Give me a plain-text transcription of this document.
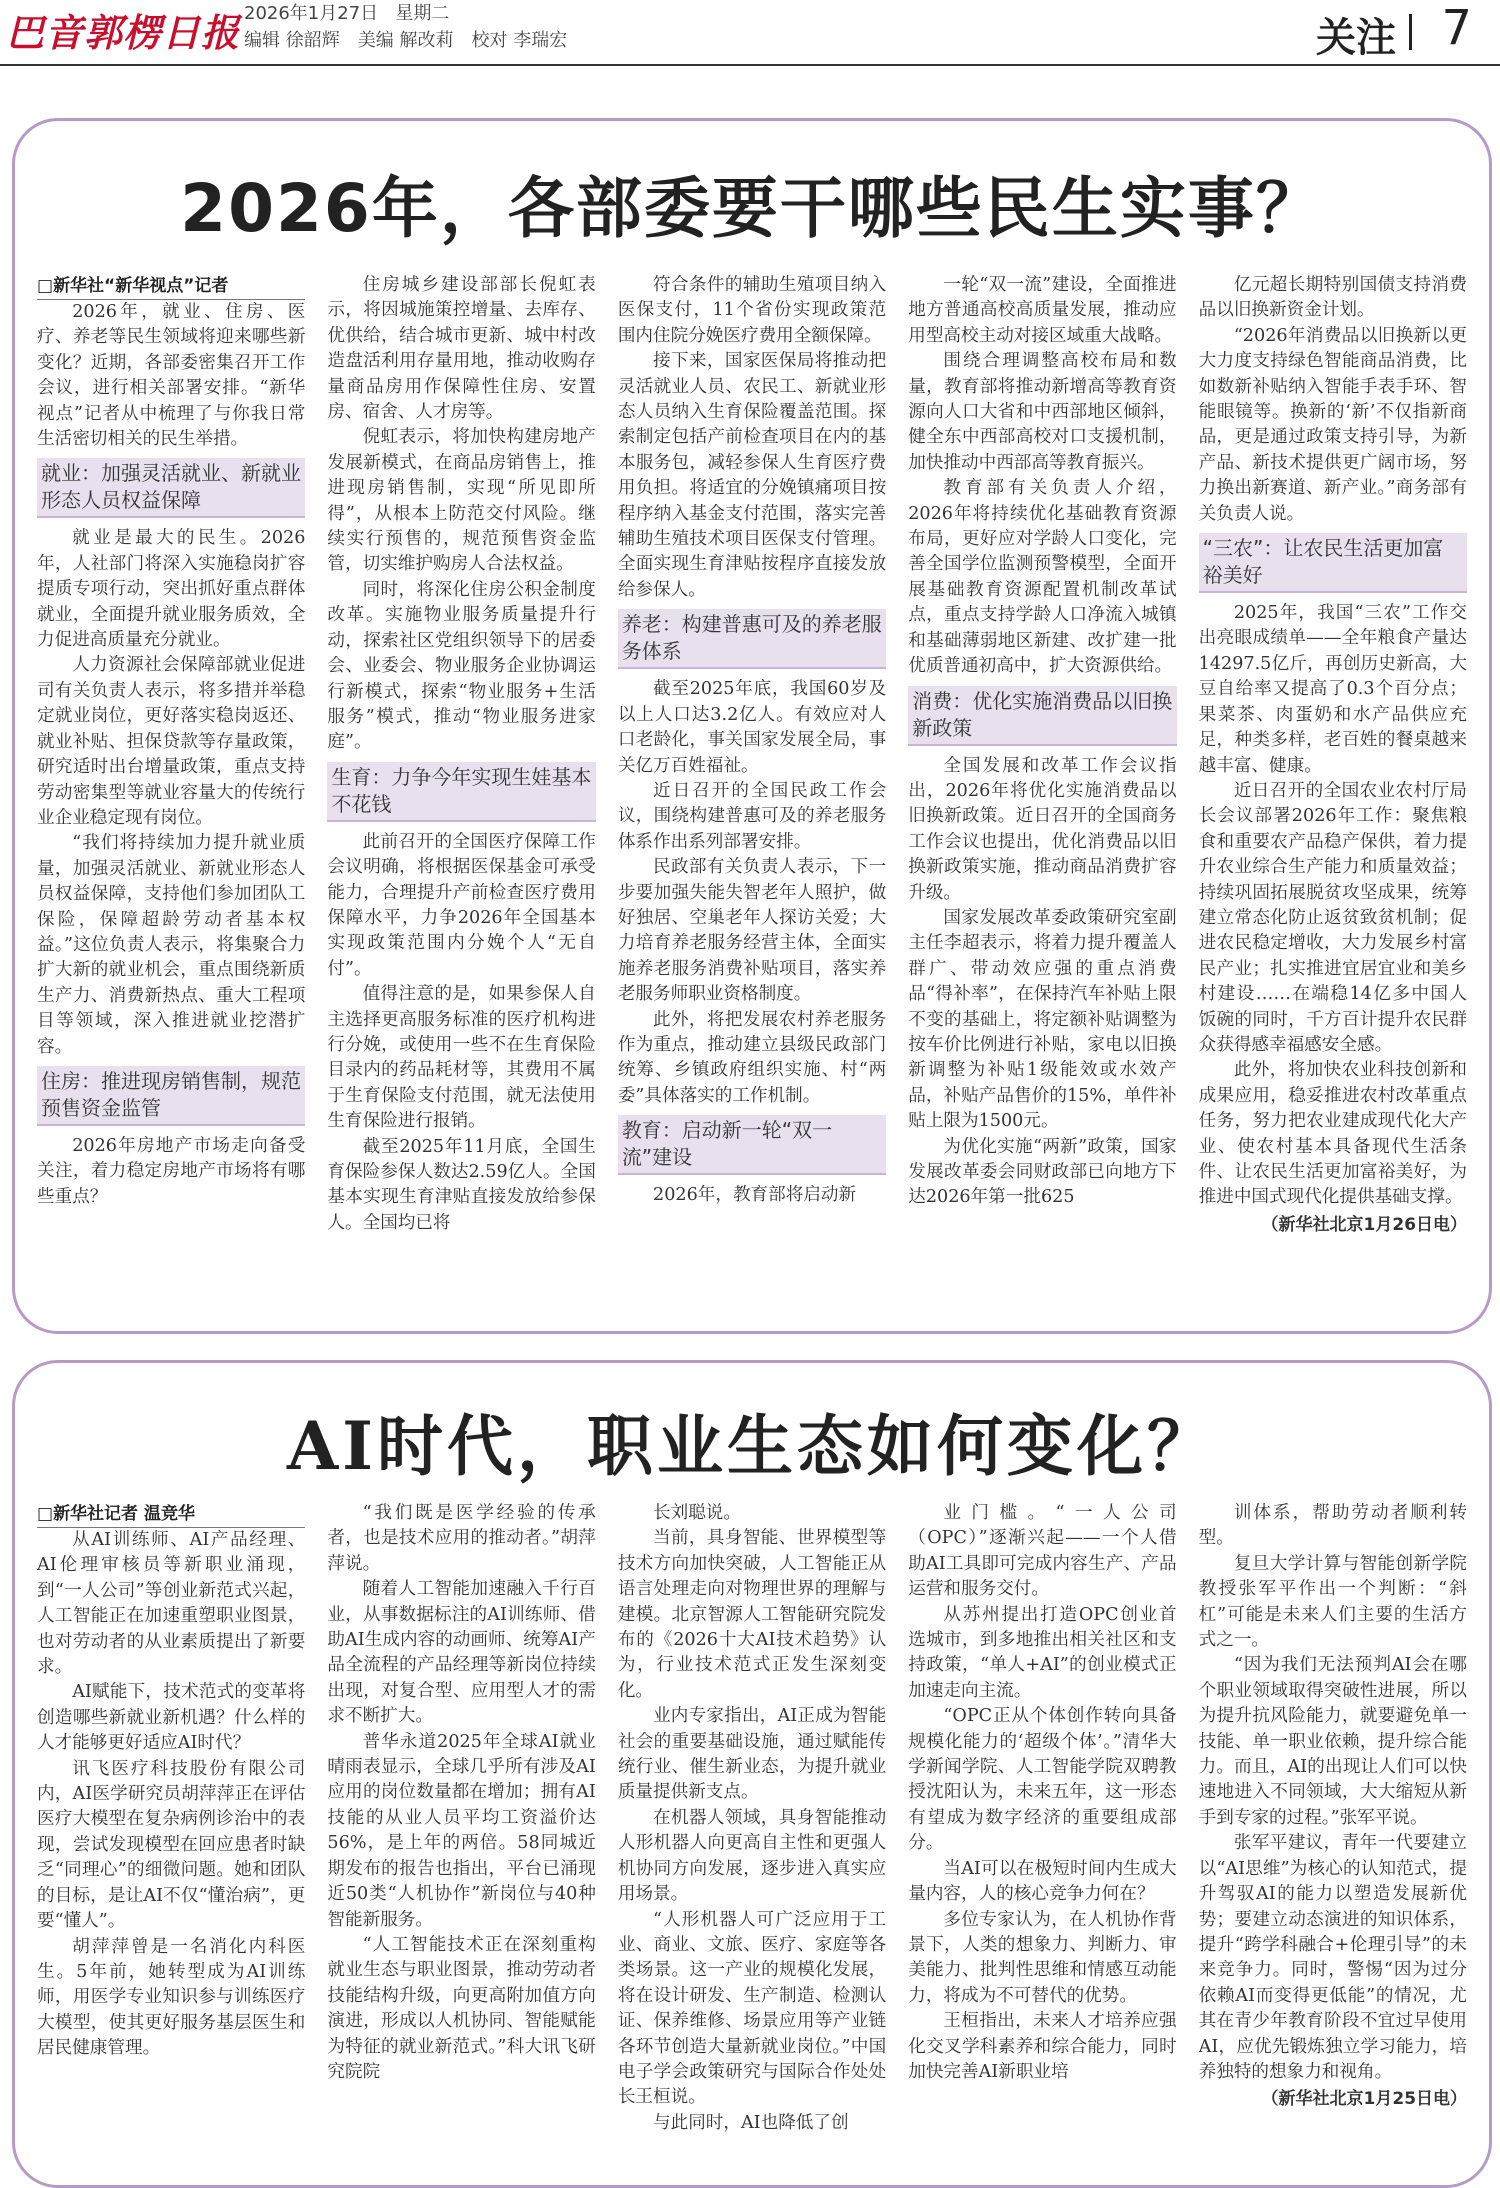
巴音郭楞日报 2026年1月27日 星期二
编辑 徐韶辉 美编 解改莉 校对 李瑞宏	关注 7
2026年，各部委要干哪些民生实事？

□ 新华社“新华视点”记者

2026年，就业、住房、医疗、养老等民生领域将迎来哪些新变化？近期，各部委密集召开工作会议，进行相关部署安排。“新华视点”记者从中梳理了与你我日常生活密切相关的民生举措。

就业：加强灵活就业、新就业形态人员权益保障

就业是最大的民生。2026年，人社部门将深入实施稳岗扩容提质专项行动，突出抓好重点群体就业，全面提升就业服务质效，全力促进高质量充分就业。

人力资源社会保障部就业促进司有关负责人表示，将多措并举稳定就业岗位，更好落实稳岗返还、就业补贴、担保贷款等存量政策，研究适时出台增量政策，重点支持劳动密集型等就业容量大的传统行业企业稳定现有岗位。

“我们将持续加力提升就业质量，加强灵活就业、新就业形态人员权益保障，支持他们参加团队工保险，保障超龄劳动者基本权益。”这位负责人表示，将集聚合力扩大新的就业机会，重点围绕新质生产力、消费新热点、重大工程项目等领域，深入推进就业挖潜扩容。

住房：推进现房销售制，规范预售资金监管

2026年房地产市场走向备受关注，着力稳定房地产市场将有哪些重点？

住房城乡建设部部长倪虹表示，将因城施策控增量、去库存、优供给，结合城市更新、城中村改造盘活利用存量用地，推动收购存量商品房用作保障性住房、安置房、宿舍、人才房等。

倪虹表示，将加快构建房地产发展新模式，在商品房销售上，推进现房销售制，实现“所见即所得”，从根本上防范交付风险。继续实行预售的，规范预售资金监管，切实维护购房人合法权益。

同时，将深化住房公积金制度改革。实施物业服务质量提升行动，探索社区党组织领导下的居委会、业委会、物业服务企业协调运行新模式，探索“物业服务+生活服务”模式，推动“物业服务进家庭”。

生育：力争今年实现生娃基本不花钱

此前召开的全国医疗保障工作会议明确，将根据医保基金可承受能力，合理提升产前检查医疗费用保障水平，力争2026年全国基本实现政策范围内分娩个人“无自付”。

值得注意的是，如果参保人自主选择更高服务标准的医疗机构进行分娩，或使用一些不在生育保险目录内的药品耗材等，其费用不属于生育保险支付范围，就无法使用生育保险进行报销。

截至2025年11月底，全国生育保险参保人数达2.59亿人。全国基本实现生育津贴直接发放给参保人。全国均已将

符合条件的辅助生殖项目纳入医保支付，11个省份实现政策范围内住院分娩医疗费用全额保障。

接下来，国家医保局将推动把灵活就业人员、农民工、新就业形态人员纳入生育保险覆盖范围。探索制定包括产前检查项目在内的基本服务包，减轻参保人生育医疗费用负担。将适宜的分娩镇痛项目按程序纳入基金支付范围，落实完善辅助生殖技术项目医保支付管理。全面实现生育津贴按程序直接发放给参保人。

养老：构建普惠可及的养老服务体系

截至2025年底，我国60岁及以上人口达3.2亿人。有效应对人口老龄化，事关国家发展全局，事关亿万百姓福祉。

近日召开的全国民政工作会议，围绕构建普惠可及的养老服务体系作出系列部署安排。

民政部有关负责人表示，下一步要加强失能失智老年人照护，做好独居、空巢老年人探访关爱；大力培育养老服务经营主体，全面实施养老服务消费补贴项目，落实养老服务师职业资格制度。

此外，将把发展农村养老服务作为重点，推动建立县级民政部门统筹、乡镇政府组织实施、村“两委”具体落实的工作机制。

教育：启动新一轮“双一流”建设

2026年，教育部将启动新

一轮“双一流”建设，全面推进地方普通高校高质量发展，推动应用型高校主动对接区域重大战略。

围绕合理调整高校布局和数量，教育部将推动新增高等教育资源向人口大省和中西部地区倾斜，健全东中西部高校对口支援机制，加快推动中西部高等教育振兴。

教育部有关负责人介绍，2026年将持续优化基础教育资源布局，更好应对学龄人口变化，完善全国学位监测预警模型，全面开展基础教育资源配置机制改革试点，重点支持学龄人口净流入城镇和基础薄弱地区新建、改扩建一批优质普通初高中，扩大资源供给。

消费：优化实施消费品以旧换新政策

全国发展和改革工作会议指出，2026年将优化实施消费品以旧换新政策。近日召开的全国商务工作会议也提出，优化消费品以旧换新政策实施，推动商品消费扩容升级。

国家发展改革委政策研究室副主任李超表示，将着力提升覆盖人群广、带动效应强的重点消费品“得补率”，在保持汽车补贴上限不变的基础上，将定额补贴调整为按车价比例进行补贴，家电以旧换新调整为补贴1级能效或水效产品，补贴产品售价的15%，单件补贴上限为1500元。

为优化实施“两新”政策，国家发展改革委会同财政部已向地方下达2026年第一批625

亿元超长期特别国债支持消费品以旧换新资金计划。

“2026年消费品以旧换新以更大力度支持绿色智能商品消费，比如数新补贴纳入智能手表手环、智能眼镜等。换新的‘新’不仅指新商品，更是通过政策支持引导，为新产品、新技术提供更广阔市场，努力换出新赛道、新产业。”商务部有关负责人说。

“三农”：让农民生活更加富裕美好

2025年，我国“三农”工作交出亮眼成绩单——全年粮食产量达14297.5亿斤，再创历史新高，大豆自给率又提高了0.3个百分点；果菜茶、肉蛋奶和水产品供应充足，种类多样，老百姓的餐桌越来越丰富、健康。

近日召开的全国农业农村厅局长会议部署2026年工作：聚焦粮食和重要农产品稳产保供，着力提升农业综合生产能力和质量效益；持续巩固拓展脱贫攻坚成果，统筹建立常态化防止返贫致贫机制；促进农民稳定增收，大力发展乡村富民产业；扎实推进宜居宜业和美乡村建设……在端稳14亿多中国人饭碗的同时，千方百计提升农民群众获得感幸福感安全感。

此外，将加快农业科技创新和成果应用，稳妥推进农村改革重点任务，努力把农业建成现代化大产业、使农村基本具备现代生活条件、让农民生活更加富裕美好，为推进中国式现代化提供基础支撑。

（新华社北京1月26日电）

AI时代，职业生态如何变化？

□ 新华社记者 温竞华

从AI训练师、AI产品经理、AI伦理审核员等新职业涌现，到“一人公司”等创业新范式兴起，人工智能正在加速重塑职业图景，也对劳动者的从业素质提出了新要求。

AI赋能下，技术范式的变革将创造哪些新就业新机遇？什么样的人才能够更好适应AI时代？

讯飞医疗科技股份有限公司内，AI医学研究员胡萍萍正在评估医疗大模型在复杂病例诊治中的表现，尝试发现模型在回应患者时缺乏“同理心”的细微问题。她和团队的目标，是让AI不仅“懂治病”，更要“懂人”。

胡萍萍曾是一名消化内科医生。5年前，她转型成为AI训练师，用医学专业知识参与训练医疗大模型，使其更好服务基层医生和居民健康管理。

“我们既是医学经验的传承者，也是技术应用的推动者。”胡萍萍说。

随着人工智能加速融入千行百业，从事数据标注的AI训练师、借助AI生成内容的动画师、统筹AI产品全流程的产品经理等新岗位持续出现，对复合型、应用型人才的需求不断扩大。

普华永道2025年全球AI就业晴雨表显示，全球几乎所有涉及AI应用的岗位数量都在增加；拥有AI技能的从业人员平均工资溢价达56%，是上年的两倍。58同城近期发布的报告也指出，平台已涌现近50类“人机协作”新岗位与40种智能新服务。

“人工智能技术正在深刻重构就业生态与职业图景，推动劳动者技能结构升级，向更高附加值方向演进，形成以人机协同、智能赋能为特征的就业新范式。”科大讯飞研究院院

长刘聪说。

当前，具身智能、世界模型等技术方向加快突破，人工智能正从语言处理走向对物理世界的理解与建模。北京智源人工智能研究院发布的《2026十大AI技术趋势》认为，行业技术范式正发生深刻变化。

业内专家指出，AI正成为智能社会的重要基础设施，通过赋能传统行业、催生新业态，为提升就业质量提供新支点。

在机器人领域，具身智能推动人形机器人向更高自主性和更强人机协同方向发展，逐步进入真实应用场景。

“人形机器人可广泛应用于工业、商业、文旅、医疗、家庭等各类场景。这一产业的规模化发展，将在设计研发、生产制造、检测认证、保养维修、场景应用等产业链各环节创造大量新就业岗位。”中国电子学会政策研究与国际合作处处长王桓说。

与此同时，AI也降低了创

业门槛。“一人公司（OPC）”逐渐兴起——一个人借助AI工具即可完成内容生产、产品运营和服务交付。

从苏州提出打造OPC创业首选城市，到多地推出相关社区和支持政策，“单人+AI”的创业模式正加速走向主流。

“OPC正从个体创作转向具备规模化能力的‘超级个体’。”清华大学新闻学院、人工智能学院双聘教授沈阳认为，未来五年，这一形态有望成为数字经济的重要组成部分。

当AI可以在极短时间内生成大量内容，人的核心竞争力何在？

多位专家认为，在人机协作背景下，人类的想象力、判断力、审美能力、批判性思维和情感互动能力，将成为不可替代的优势。

王桓指出，未来人才培养应强化交叉学科素养和综合能力，同时加快完善AI新职业培

训体系，帮助劳动者顺利转型。

复旦大学计算与智能创新学院教授张军平作出一个判断：“斜杠”可能是未来人们主要的生活方式之一。

“因为我们无法预判AI会在哪个职业领域取得突破性进展，所以为提升抗风险能力，就要避免单一技能、单一职业依赖，提升综合能力。而且，AI的出现让人们可以快速地进入不同领域，大大缩短从新手到专家的过程。”张军平说。

张军平建议，青年一代要建立以“AI思维”为核心的认知范式，提升驾驭AI的能力以塑造发展新优势；要建立动态演进的知识体系，提升“跨学科融合+伦理引导”的未来竞争力。同时，警惕“因为过分依赖AI而变得更低能”的情况，尤其在青少年教育阶段不宜过早使用AI，应优先锻炼独立学习能力，培养独特的想象力和视角。

（新华社北京1月25日电）
